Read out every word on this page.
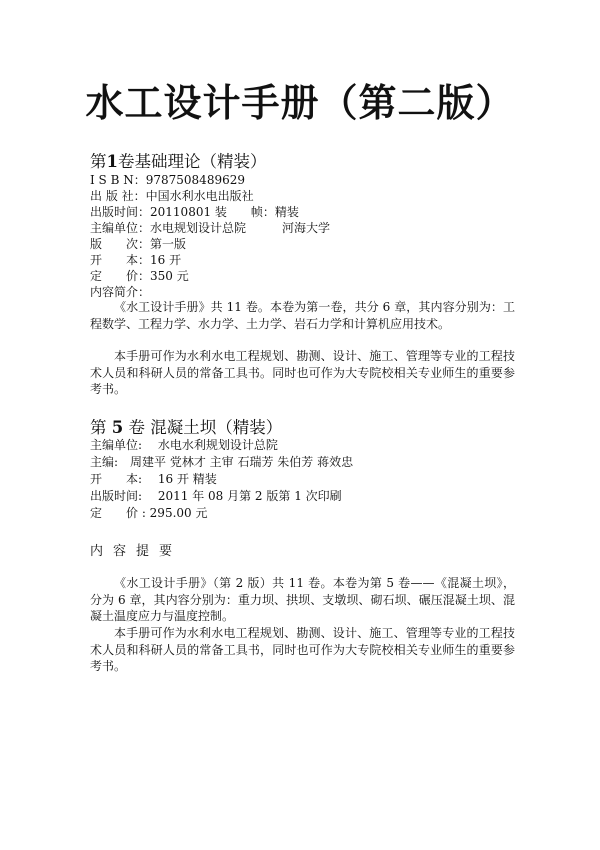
水工设计手册（第二版）
第1卷基础理论（精装）
I S B N：9787508489629
出 版 社：中国水利水电出版社
出版时间：20110801 装　　帧：精装
主编单位：水电规划设计总院	河海大学
版　　次：第一版
开　　本：16 开
定　　价：350 元
内容简介：

《水工设计手册》共 11 卷。本卷为第一卷，共分 6 章，其内容分别为：工程数学、工程力学、水力学、土力学、岩石力学和计算机应用技术。

本手册可作为水利水电工程规划、勘测、设计、施工、管理等专业的工程技术人员和科研人员的常备工具书。同时也可作为大专院校相关专业师生的重要参考书。

第 5 卷 混凝土坝（精装）
主编单位:　 水电水利规划设计总院
主编:　周建平 党林才 主审 石瑞芳 朱伯芳 蒋效忠
开　　本:　 16 开 精装
出版时间:　 2011 年 08 月第 2 版第 1 次印刷
定　　价 : 295.00 元
内容提要

《水工设计手册》（第 2 版）共 11 卷。本卷为第 5 卷——《混凝土坝》，分为 6 章，其内容分别为：重力坝、拱坝、支墩坝、砌石坝、碾压混凝土坝、混凝土温度应力与温度控制。

本手册可作为水利水电工程规划、勘测、设计、施工、管理等专业的工程技术人员和科研人员的常备工具书，同时也可作为大专院校相关专业师生的重要参考书。
